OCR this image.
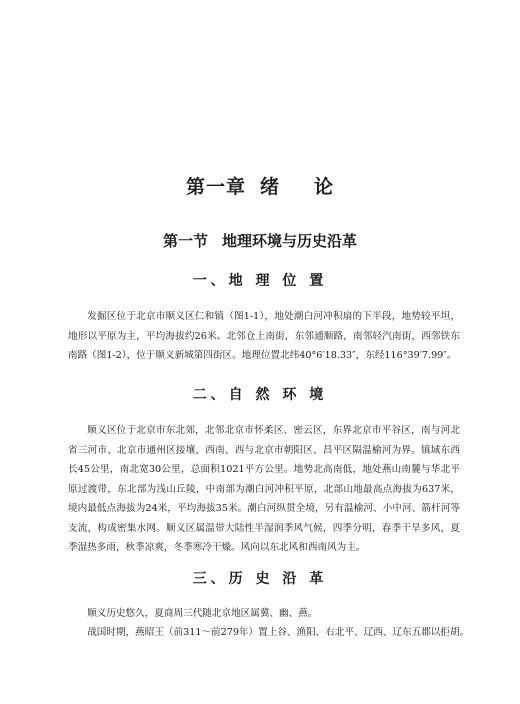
第一章 绪 论
第一节 地理环境与历史沿革
一、地 理 位 置

发掘区位于北京市顺义区仁和镇（图1-1），地处潮白河冲积扇的下半段，地势较平坦，地形以平原为主，平均海拔约26米。北邻仓上南街，东邻通顺路，南邻轻汽南街，西邻铁东南路（图1-2），位于顺义新城第四街区。地理位置北纬40°6′18.33″，东经116°39′7.99″。

二、自 然 环 境

顺义区位于北京市东北郊，北邻北京市怀柔区、密云区，东界北京市平谷区，南与河北省三河市、北京市通州区接壤，西南、西与北京市朝阳区、昌平区隔温榆河为界。镇域东西长45公里，南北宽30公里，总面积1021平方公里。地势北高南低，地处燕山南麓与华北平原过渡带，东北部为浅山丘陵，中南部为潮白河冲积平原，北部山地最高点海拔为637米，境内最低点海拔为24米，平均海拔35米。潮白河纵贯全境，另有温榆河、小中河、箭杆河等支流，构成密集水网。顺义区属温带大陆性半湿润季风气候，四季分明，春季干旱多风，夏季湿热多雨，秋季凉爽，冬季寒冷干燥。风向以东北风和西南风为主。

三、历 史 沿 革

顺义历史悠久，夏商周三代随北京地区属冀、幽、燕。

战国时期，燕昭王（前311～前279年）置上谷、渔阳、右北平、辽西、辽东五郡以拒胡。
